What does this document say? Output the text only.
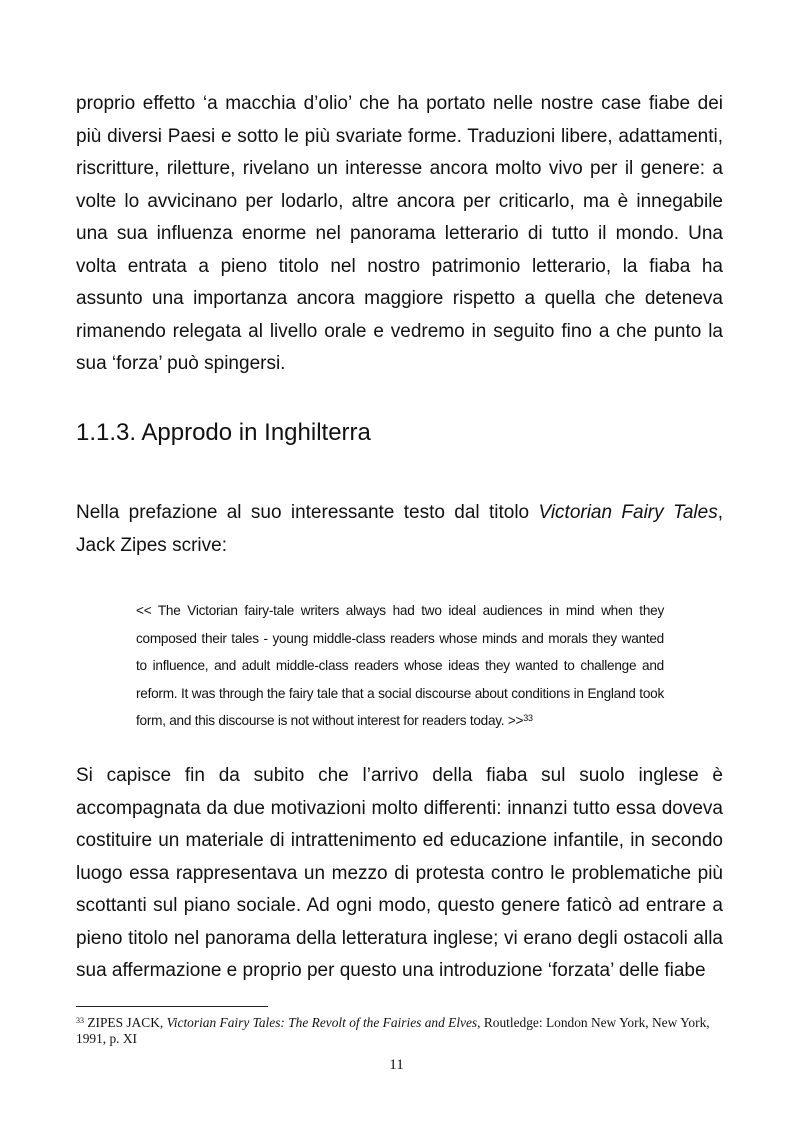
proprio effetto ‘a macchia d’olio’ che ha portato nelle nostre case fiabe dei più diversi Paesi e sotto le più svariate forme. Traduzioni libere, adattamenti, riscritture, riletture, rivelano un interesse ancora molto vivo per il genere: a volte lo avvicinano per lodarlo, altre ancora per criticarlo, ma è innegabile una sua influenza enorme nel panorama letterario di tutto il mondo. Una volta entrata a pieno titolo nel nostro patrimonio letterario, la fiaba ha assunto una importanza ancora maggiore rispetto a quella che deteneva rimanendo relegata al livello orale e vedremo in seguito fino a che punto la sua ‘forza’ può spingersi.

1.1.3. Approdo in Inghilterra

Nella prefazione al suo interessante testo dal titolo Victorian Fairy Tales, Jack Zipes scrive:

<< The Victorian fairy-tale writers always had two ideal audiences in mind when they composed their tales - young middle-class readers whose minds and morals they wanted to influence, and adult middle-class readers whose ideas they wanted to challenge and reform. It was through the fairy tale that a social discourse about conditions in England took form, and this discourse is not without interest for readers today. >>$^{33}$

Si capisce fin da subito che l’arrivo della fiaba sul suolo inglese è accompagnata da due motivazioni molto differenti: innanzi tutto essa doveva costituire un materiale di intrattenimento ed educazione infantile, in secondo luogo essa rappresentava un mezzo di protesta contro le problematiche più scottanti sul piano sociale. Ad ogni modo, questo genere faticò ad entrare a pieno titolo nel panorama della letteratura inglese; vi erano degli ostacoli alla sua affermazione e proprio per questo una introduzione ‘forzata’ delle fiabe

$^{33}$ ZIPES JACK, Victorian Fairy Tales: The Revolt of the Fairies and Elves, Routledge: London New York, New York, 1991, p. XI

11
